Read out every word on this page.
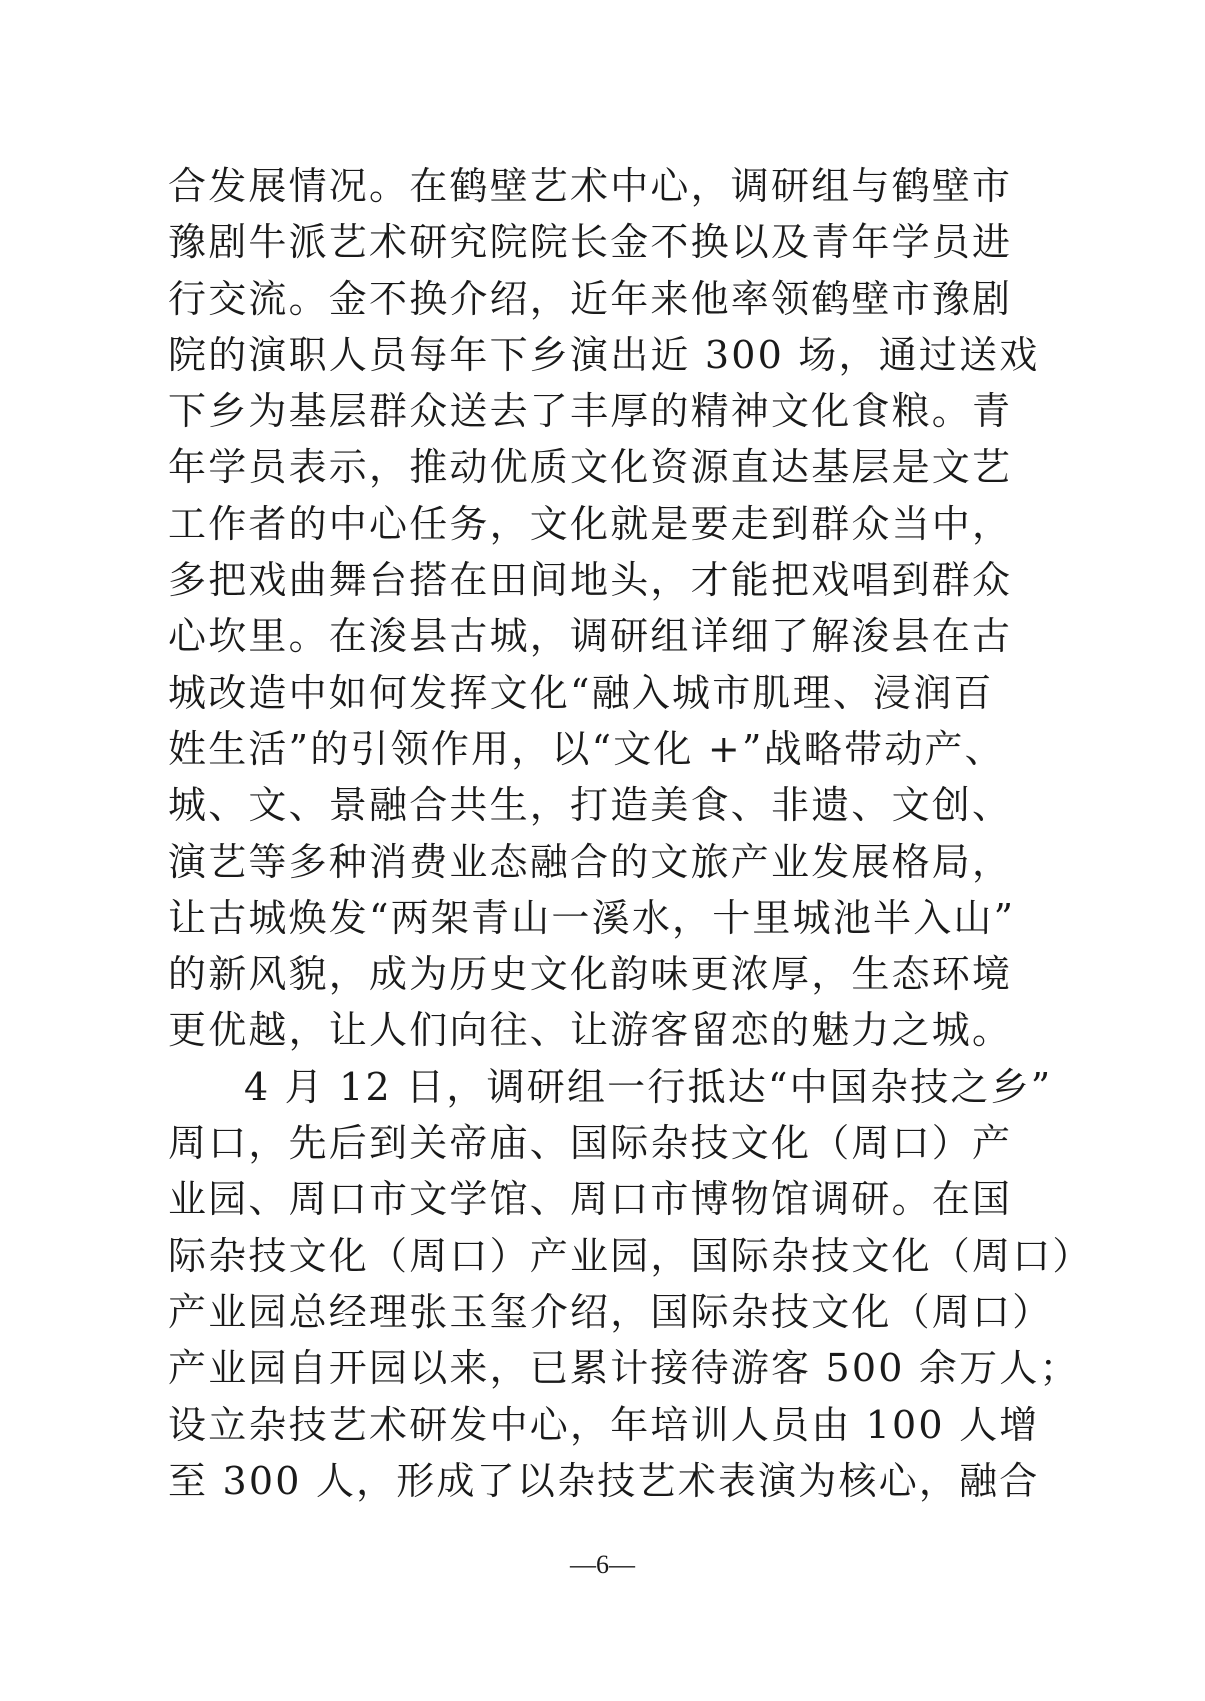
合发展情况。在鹤壁艺术中心，调研组与鹤壁市
豫剧牛派艺术研究院院长金不换以及青年学员进
行交流。金不换介绍，近年来他率领鹤壁市豫剧
院的演职人员每年下乡演出近 300 场，通过送戏
下乡为基层群众送去了丰厚的精神文化食粮。青
年学员表示，推动优质文化资源直达基层是文艺
工作者的中心任务，文化就是要走到群众当中，
多把戏曲舞台搭在田间地头，才能把戏唱到群众
心坎里。在浚县古城，调研组详细了解浚县在古
城改造中如何发挥文化“融入城市肌理、浸润百
姓生活”的引领作用，以“文化 +”战略带动产、
城、文、景融合共生，打造美食、非遗、文创、
演艺等多种消费业态融合的文旅产业发展格局，
让古城焕发“两架青山一溪水，十里城池半入山”
的新风貌，成为历史文化韵味更浓厚，生态环境
更优越，让人们向往、让游客留恋的魅力之城。
4 月 12 日，调研组一行抵达“中国杂技之乡”
周口，先后到关帝庙、国际杂技文化（周口）产
业园、周口市文学馆、周口市博物馆调研。在国
际杂技文化（周口）产业园，国际杂技文化（周口）
产业园总经理张玉玺介绍，国际杂技文化（周口）
产业园自开园以来，已累计接待游客 500 余万人；
设立杂技艺术研发中心，年培训人员由 100 人增
至 300 人，形成了以杂技艺术表演为核心，融合
—6—
